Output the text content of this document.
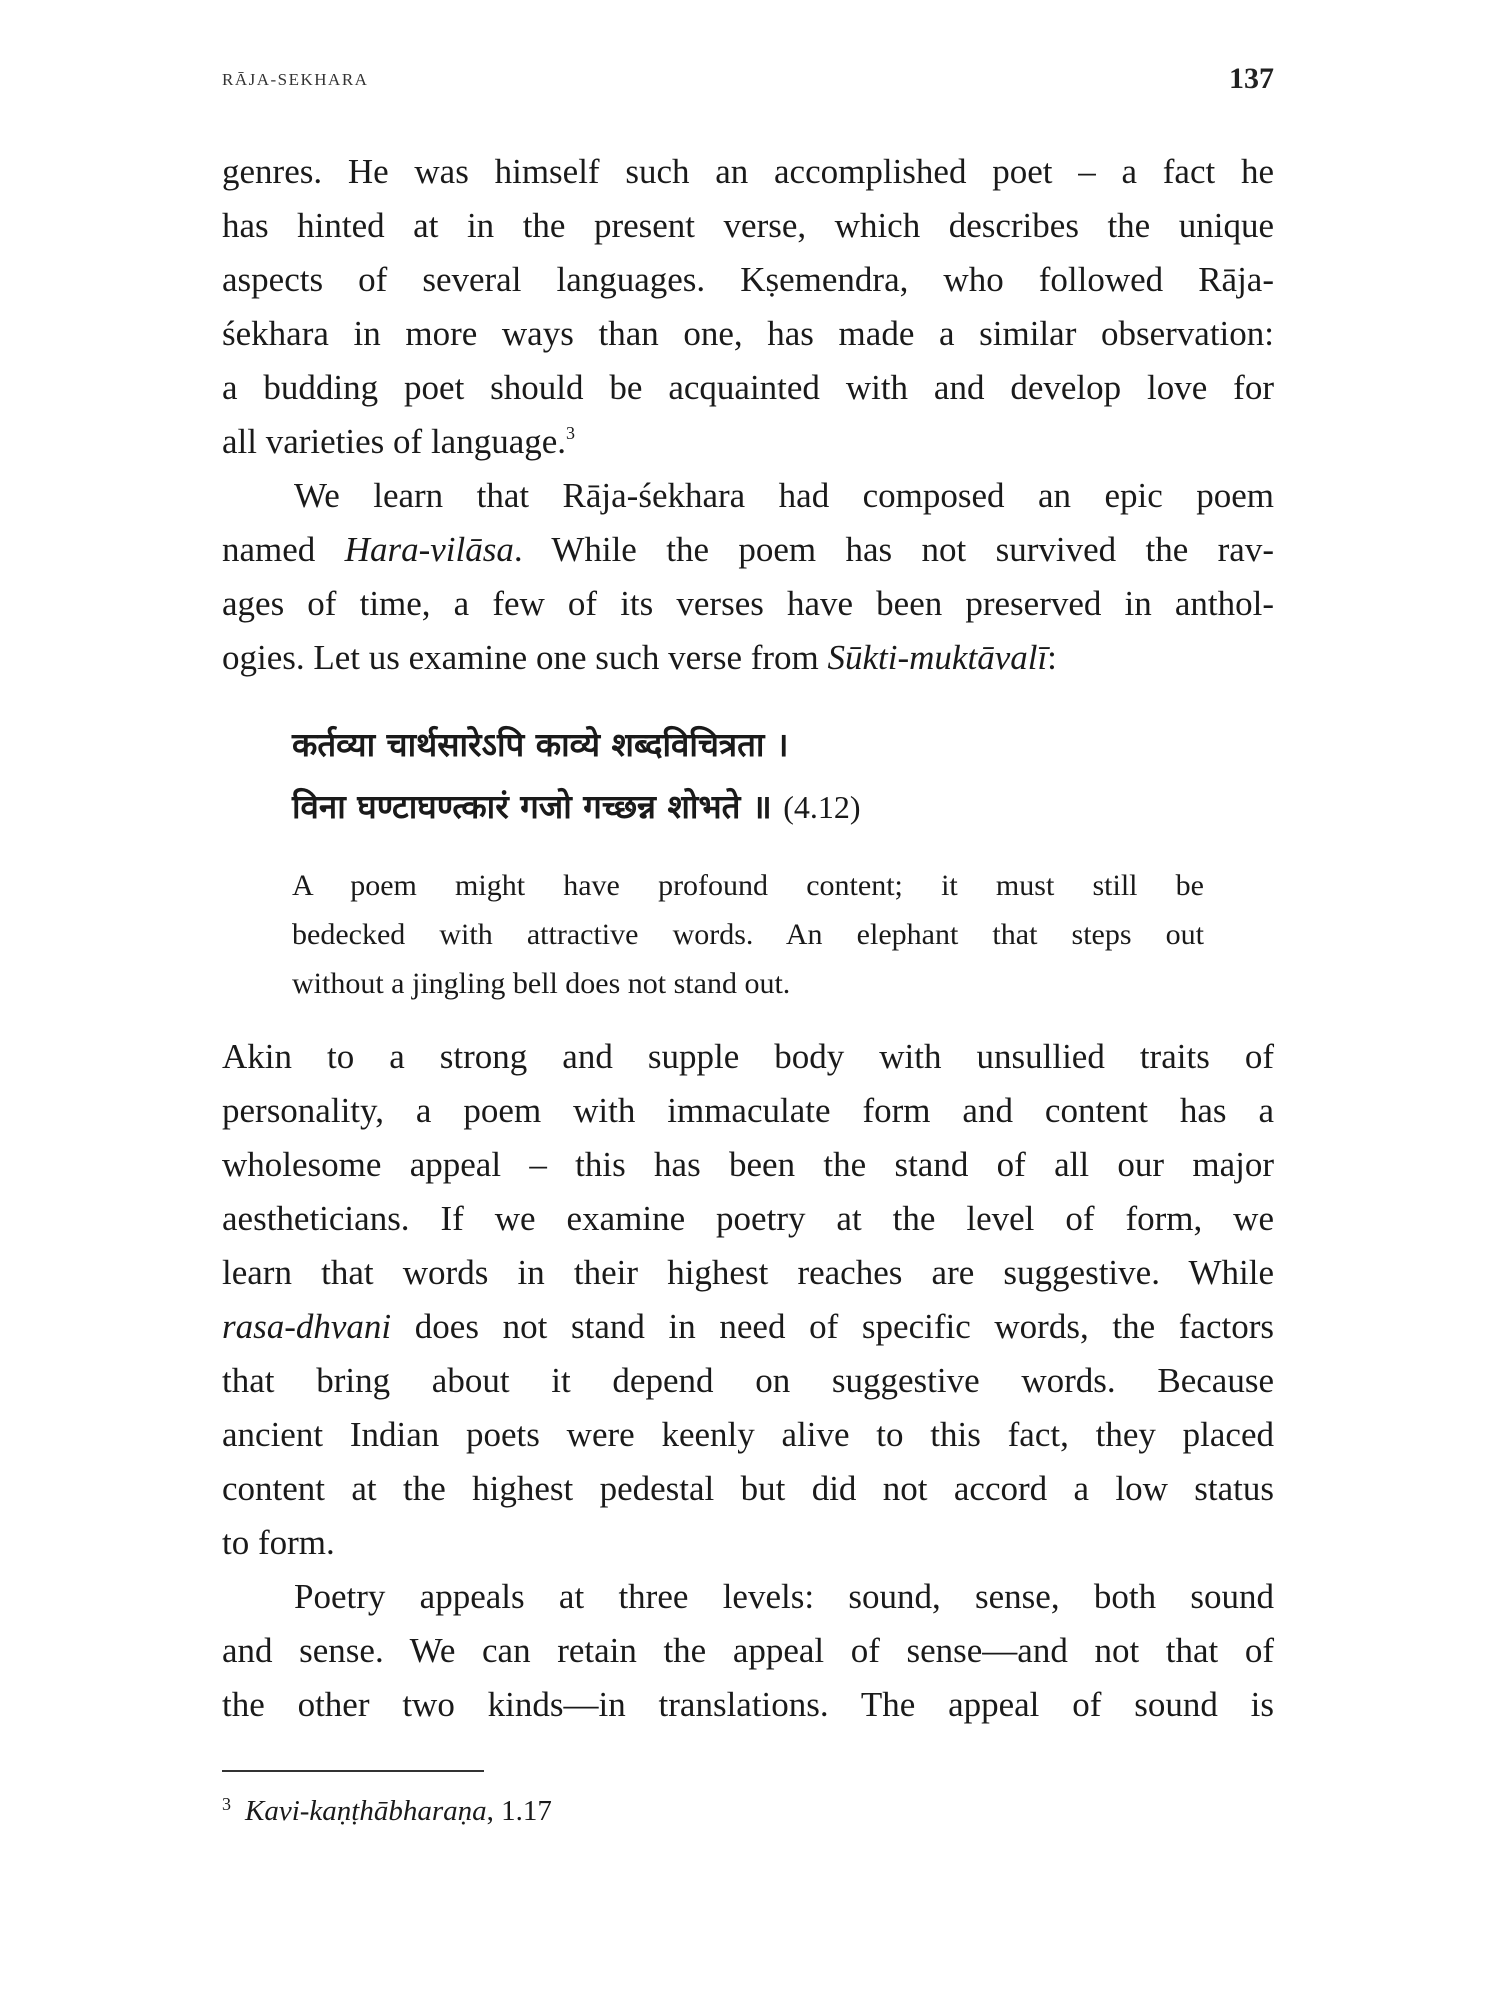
RĀJA-SEKHARA	137
genres. He was himself such an accomplished poet – a fact he
has hinted at in the present verse, which describes the unique
aspects of several languages. Kṣemendra, who followed Rāja-
śekhara in more ways than one, has made a similar observation:
a budding poet should be acquainted with and develop love for
all varieties of language.$^3$
We learn that Rāja-śekhara had composed an epic poem
named Hara-vilāsa. While the poem has not survived the rav-
ages of time, a few of its verses have been preserved in anthol-
ogies. Let us examine one such verse from Sūkti-muktāvalī:
कर्तव्या चार्थसारेऽपि काव्ये शब्दविचित्रता ।
विना घण्टाघण्त्कारं गजो गच्छन्न शोभते ॥ (4.12)
A poem might have profound content; it must still be
bedecked with attractive words. An elephant that steps out
without a jingling bell does not stand out.
Akin to a strong and supple body with unsullied traits of
personality, a poem with immaculate form and content has a
wholesome appeal – this has been the stand of all our major
aestheticians. If we examine poetry at the level of form, we
learn that words in their highest reaches are suggestive. While
rasa-dhvani does not stand in need of specific words, the factors
that bring about it depend on suggestive words. Because
ancient Indian poets were keenly alive to this fact, they placed
content at the highest pedestal but did not accord a low status
to form.
Poetry appeals at three levels: sound, sense, both sound
and sense. We can retain the appeal of sense—and not that of
the other two kinds—in translations. The appeal of sound is
$^3$ Kavi-kaṇṭhābharaṇa, 1.17
